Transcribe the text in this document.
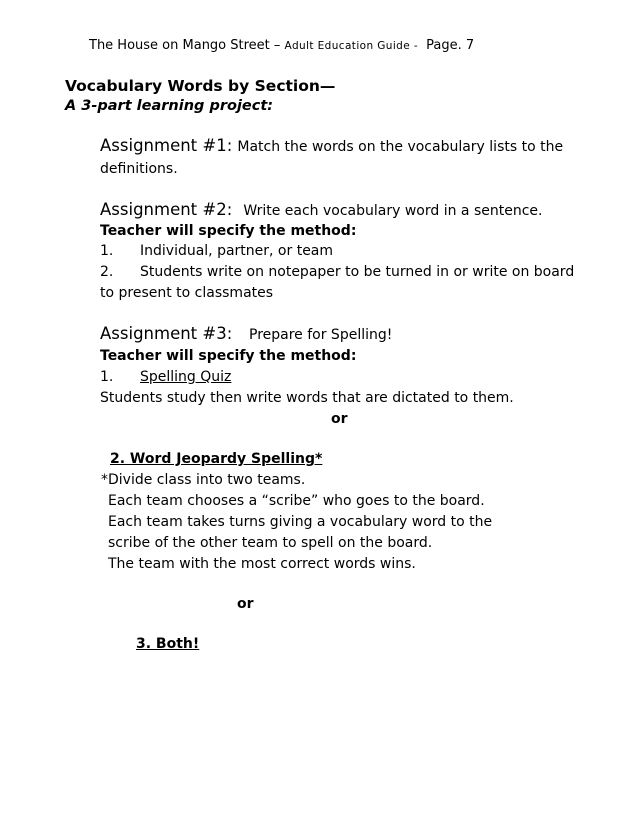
The House on Mango Street – Adult Education Guide - Page. 7
Vocabulary Words by Section—
A 3-part learning project:
Assignment #1: Match the words on the vocabulary lists to the
definitions.
Assignment #2: Write each vocabulary word in a sentence.
Teacher will specify the method:
1. Individual, partner, or team
2. Students write on notepaper to be turned in or write on board
to present to classmates
Assignment #3: Prepare for Spelling!
Teacher will specify the method:
1. Spelling Quiz
Students study then write words that are dictated to them.
or
2. Word Jeopardy Spelling*
*Divide class into two teams.
Each team chooses a “scribe” who goes to the board.
Each team takes turns giving a vocabulary word to the
scribe of the other team to spell on the board.
The team with the most correct words wins.
or
3. Both!
